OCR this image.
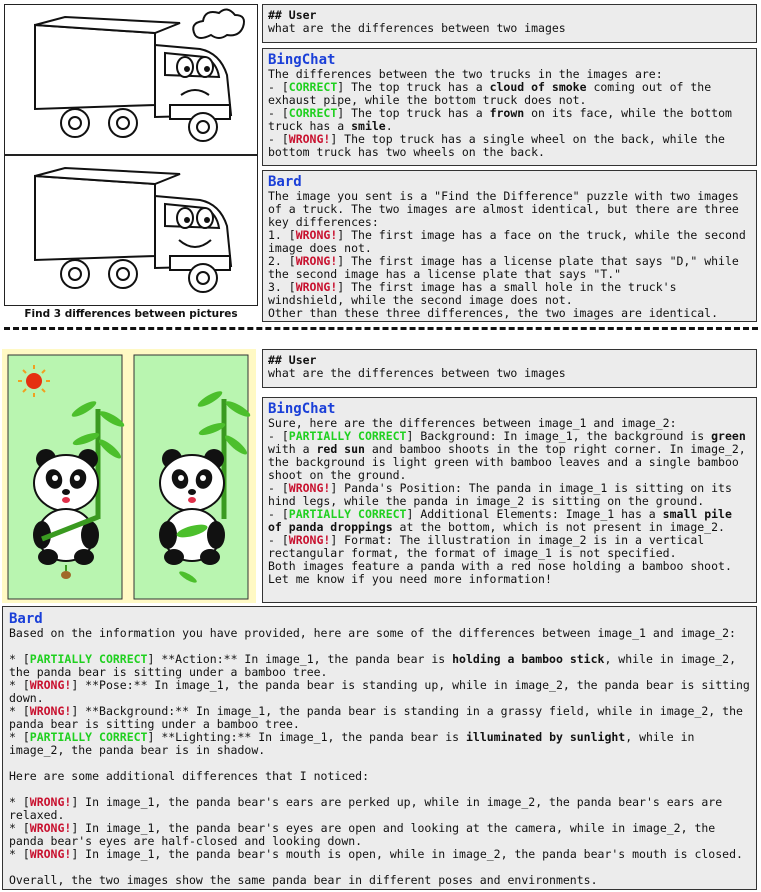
Find 3 differences between pictures
## User
what are the differences between two images
BingChat
The differences between the two trucks in the images are:
- [CORRECT] The top truck has a cloud of smoke coming out of the exhaust pipe, while the bottom truck does not.
- [CORRECT] The top truck has a frown on its face, while the bottom truck has a smile.
- [WRONG!] The top truck has a single wheel on the back, while the bottom truck has two wheels on the back.
Bard
The image you sent is a "Find the Difference" puzzle with two images of a truck. The two images are almost identical, but there are three key differences:
1. [WRONG!] The first image has a face on the truck, while the second image does not.
2. [WRONG!] The first image has a license plate that says "D," while the second image has a license plate that says "T."
3. [WRONG!] The first image has a small hole in the truck's windshield, while the second image does not.
Other than these three differences, the two images are identical.
## User
what are the differences between two images
BingChat
Sure, here are the differences between image_1 and image_2:
- [PARTIALLY CORRECT] Background: In image_1, the background is green with a red sun and bamboo shoots in the top right corner. In image_2, the background is light green with bamboo leaves and a single bamboo shoot on the ground.
- [WRONG!] Panda's Position: The panda in image_1 is sitting on its hind legs, while the panda in image_2 is sitting on the ground.
- [PARTIALLY CORRECT] Additional Elements: Image_1 has a small pile of panda droppings at the bottom, which is not present in image_2.
- [WRONG!] Format: The illustration in image_2 is in a vertical rectangular format, the format of image_1 is not specified.
Both images feature a panda with a red nose holding a bamboo shoot. Let me know if you need more information!
Bard
Based on the information you have provided, here are some of the differences between image_1 and image_2:
* [PARTIALLY CORRECT] **Action:** In image_1, the panda bear is holding a bamboo stick, while in image_2, the panda bear is sitting under a bamboo tree.
* [WRONG!] **Pose:** In image_1, the panda bear is standing up, while in image_2, the panda bear is sitting down.
* [WRONG!] **Background:** In image_1, the panda bear is standing in a grassy field, while in image_2, the panda bear is sitting under a bamboo tree.
* [PARTIALLY CORRECT] **Lighting:** In image_1, the panda bear is illuminated by sunlight, while in image_2, the panda bear is in shadow.
Here are some additional differences that I noticed:
* [WRONG!] In image_1, the panda bear's ears are perked up, while in image_2, the panda bear's ears are relaxed.
* [WRONG!] In image_1, the panda bear's eyes are open and looking at the camera, while in image_2, the panda bear's eyes are half-closed and looking down.
* [WRONG!] In image_1, the panda bear's mouth is open, while in image_2, the panda bear's mouth is closed.
Overall, the two images show the same panda bear in different poses and environments.
